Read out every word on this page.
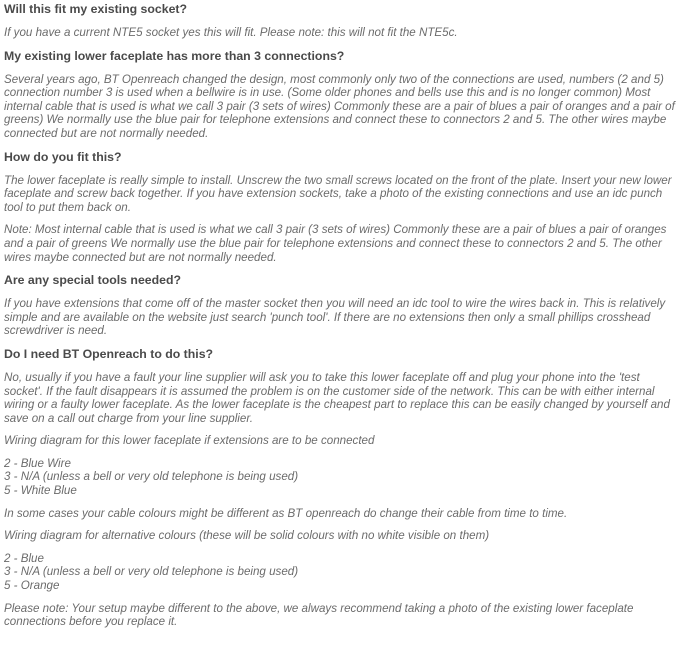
Will this fit my existing socket?
If you have a current NTE5 socket yes this will fit. Please note: this will not fit the NTE5c.
My existing lower faceplate has more than 3 connections?
Several years ago, BT Openreach changed the design, most commonly only two of the connections are used, numbers (2 and 5) connection number 3 is used when a bellwire is in use. (Some older phones and bells use this and is no longer common) Most internal cable that is used is what we call 3 pair (3 sets of wires) Commonly these are a pair of blues a pair of oranges and a pair of greens) We normally use the blue pair for telephone extensions and connect these to connectors 2 and 5. The other wires maybe connected but are not normally needed.
How do you fit this?
The lower faceplate is really simple to install. Unscrew the two small screws located on the front of the plate. Insert your new lower faceplate and screw back together. If you have extension sockets, take a photo of the existing connections and use an idc punch tool to put them back on.
Note: Most internal cable that is used is what we call 3 pair (3 sets of wires) Commonly these are a pair of blues a pair of oranges and a pair of greens We normally use the blue pair for telephone extensions and connect these to connectors 2 and 5. The other wires maybe connected but are not normally needed.
Are any special tools needed?
If you have extensions that come off of the master socket then you will need an idc tool to wire the wires back in. This is relatively simple and are available on the website just search 'punch tool'. If there are no extensions then only a small phillips crosshead screwdriver is need.
Do I need BT Openreach to do this?
No, usually if you have a fault your line supplier will ask you to take this lower faceplate off and plug your phone into the 'test socket'. If the fault disappears it is assumed the problem is on the customer side of the network. This can be with either internal wiring or a faulty lower faceplate. As the lower faceplate is the cheapest part to replace this can be easily changed by yourself and save on a call out charge from your line supplier.
Wiring diagram for this lower faceplate if extensions are to be connected
2 - Blue Wire
3 - N/A (unless a bell or very old telephone is being used)
5 - White Blue
In some cases your cable colours might be different as BT openreach do change their cable from time to time.
Wiring diagram for alternative colours (these will be solid colours with no white visible on them)
2 - Blue
3 - N/A (unless a bell or very old telephone is being used)
5 - Orange
Please note: Your setup maybe different to the above, we always recommend taking a photo of the existing lower faceplate connections before you replace it.
